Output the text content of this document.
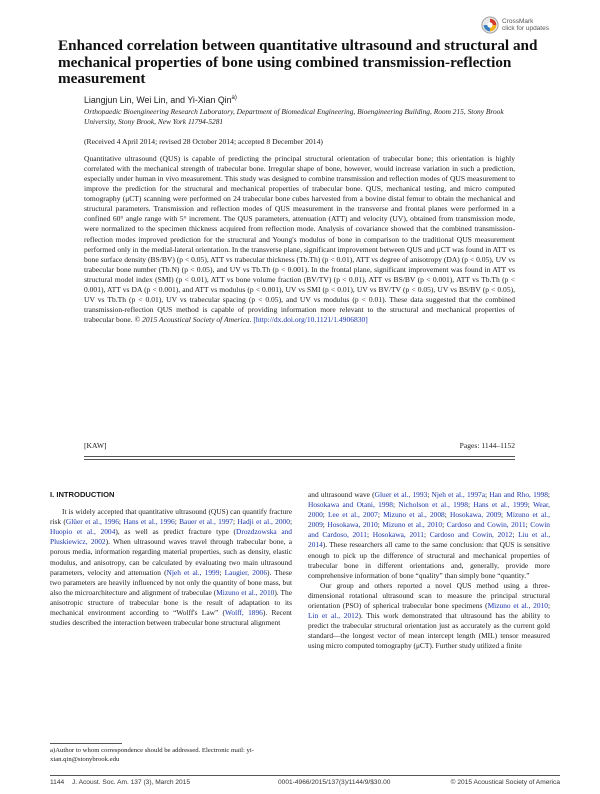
CrossMark
click for updates
Enhanced correlation between quantitative ultrasound and structural and mechanical properties of bone using combined transmission-reflection measurement
Liangjun Lin, Wei Lin, and Yi-Xian Qin$^{a)}$
Orthopaedic Bioengineering Research Laboratory, Department of Biomedical Engineering, Bioengineering Building, Room 215, Stony Brook University, Stony Brook, New York 11794-5281
(Received 4 April 2014; revised 28 October 2014; accepted 8 December 2014)
Quantitative ultrasound (QUS) is capable of predicting the principal structural orientation of trabecular bone; this orientation is highly correlated with the mechanical strength of trabecular bone. Irregular shape of bone, however, would increase variation in such a prediction, especially under human in vivo measurement. This study was designed to combine transmission and reflection modes of QUS measurement to improve the prediction for the structural and mechanical properties of trabecular bone. QUS, mechanical testing, and micro computed tomography (μCT) scanning were performed on 24 trabecular bone cubes harvested from a bovine distal femur to obtain the mechanical and structural parameters. Transmission and reflection modes of QUS measurement in the transverse and frontal planes were performed in a confined 60° angle range with 5° increment. The QUS parameters, attenuation (ATT) and velocity (UV), obtained from transmission mode, were normalized to the specimen thickness acquired from reflection mode. Analysis of covariance showed that the combined transmission-reflection modes improved prediction for the structural and Young's modulus of bone in comparison to the traditional QUS measurement performed only in the medial-lateral orientation. In the transverse plane, significant improvement between QUS and μCT was found in ATT vs bone surface density (BS/BV) (p < 0.05), ATT vs trabecular thickness (Tb.Th) (p < 0.01), ATT vs degree of anisotropy (DA) (p < 0.05), UV vs trabecular bone number (Tb.N) (p < 0.05), and UV vs Tb.Th (p < 0.001). In the frontal plane, significant improvement was found in ATT vs structural model index (SMI) (p < 0.01), ATT vs bone volume fraction (BV/TV) (p < 0.01), ATT vs BS/BV (p < 0.001), ATT vs Tb.Th (p < 0.001), ATT vs DA (p < 0.001), and ATT vs modulus (p < 0.001), UV vs SMI (p < 0.01), UV vs BV/TV (p < 0.05), UV vs BS/BV (p < 0.05), UV vs Tb.Th (p < 0.01), UV vs trabecular spacing (p < 0.05), and UV vs modulus (p < 0.01). These data suggested that the combined transmission-reflection QUS method is capable of providing information more relevant to the structural and mechanical properties of trabecular bone. © 2015 Acoustical Society of America. [http://dx.doi.org/10.1121/1.4906830]
[KAW]	Pages: 1144–1152
I. INTRODUCTION

It is widely accepted that quantitative ultrasound (QUS) can quantify fracture risk (Glüer et al., 1996; Hans et al., 1996; Bauer et al., 1997; Hadji et al., 2000; Huopio et al., 2004), as well as predict fracture type (Drozdzowska and Pluskiewicz, 2002). When ultrasound waves travel through trabecular bone, a porous media, information regarding material properties, such as density, elastic modulus, and anisotropy, can be calculated by evaluating two main ultrasound parameters, velocity and attenuation (Njeh et al., 1999; Laugier, 2006). These two parameters are heavily influenced by not only the quantity of bone mass, but also the microarchitecture and alignment of trabeculae (Mizuno et al., 2010). The anisotropic structure of trabecular bone is the result of adaptation to its mechanical environment according to “Wolff's Law” (Wolff, 1896). Recent studies described the interaction between trabecular bone structural alignment

and ultrasound wave (Gluer et al., 1993; Njeh et al., 1997a; Han and Rho, 1998; Hosokawa and Otani, 1998; Nicholson et al., 1998; Hans et al., 1999; Wear, 2000; Lee et al., 2007; Mizuno et al., 2008; Hosokawa, 2009; Mizuno et al., 2009; Hosokawa, 2010; Mizuno et al., 2010; Cardoso and Cowin, 2011; Cowin and Cardoso, 2011; Hosokawa, 2011; Cardoso and Cowin, 2012; Liu et al., 2014). These researchers all came to the same conclusion: that QUS is sensitive enough to pick up the difference of structural and mechanical properties of trabecular bone in different orientations and, generally, provide more comprehensive information of bone “quality” than simply bone “quantity.”

Our group and others reported a novel QUS method using a three-dimensional rotational ultrasound scan to measure the principal structural orientation (PSO) of spherical trabecular bone specimens (Mizuno et al., 2010; Lin et al., 2012). This work demonstrated that ultrasound has the ability to predict the trabecular structural orientation just as accurately as the current gold standard—the longest vector of mean intercept length (MIL) tensor measured using micro computed tomography (μCT). Further study utilized a finite

a)Author to whom correspondence should be addressed. Electronic mail: yi-xian.qin@stonybrook.edu
1144 J. Acoust. Soc. Am. 137 (3), March 2015	0001-4966/2015/137(3)/1144/9/$30.00	© 2015 Acoustical Society of America
